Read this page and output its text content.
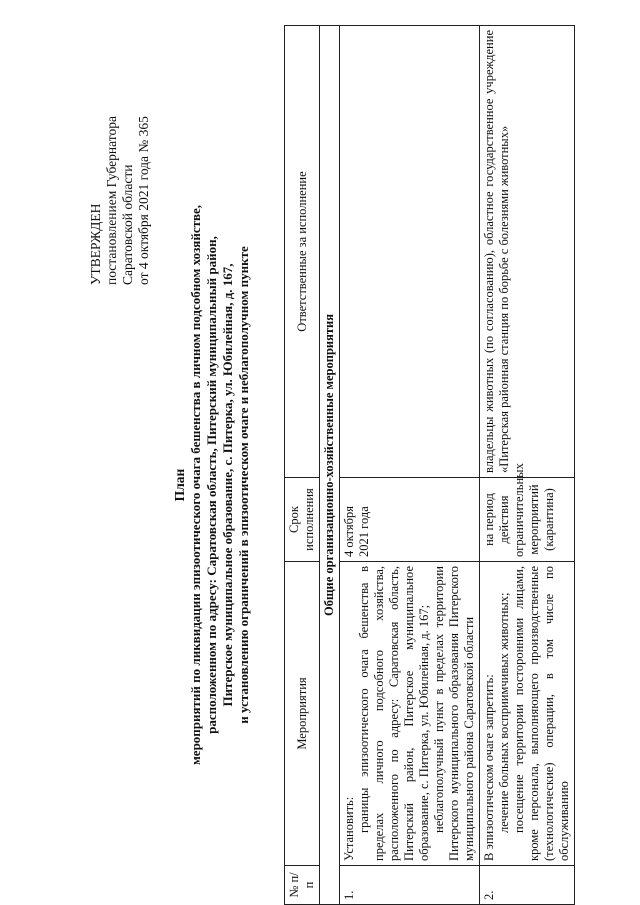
УТВЕРЖДЕН постановлением Губернатора Саратовской области от 4 октября 2021 года № 365
План мероприятий по ликвидации эпизоотического очага бешенства в личном подсобном хозяйстве, расположенном по адресу: Саратовская область, Питерский муниципальный район, Питерское муниципальное образование, с. Питерка, ул. Юбилейная, д. 167, и установлению ограничений в эпизоотическом очаге и неблагополучном пункте
№ п/п	Мероприятия	Срок исполнения	Ответственные за исполнение
Общие организационно-хозяйственные мероприятия			
1.	Установить: границы эпизоотического очага бешенства в пределах личного подсобного хозяйства, расположенного по адресу: Саратовская область, Питерский район, Питерское муниципальное образование, с. Питерка, ул. Юбилейная, д. 167; неблагополучный пункт в пределах территории Питерского муниципального образования Питерского муниципального района Саратовской области	4 октября 2021 года	
2.	В эпизоотическом очаге запретить: лечение больных восприимчивых животных; посещение территории посторонними лицами, кроме персонала, выполняющего производственные (технологические) операции, в том числе по обслуживанию	на период действия ограничительных мероприятий (карантина)	владельцы животных (по согласованию), областное государственное учреждение «Питерская районная станция по борьбе с болезнями животных»
